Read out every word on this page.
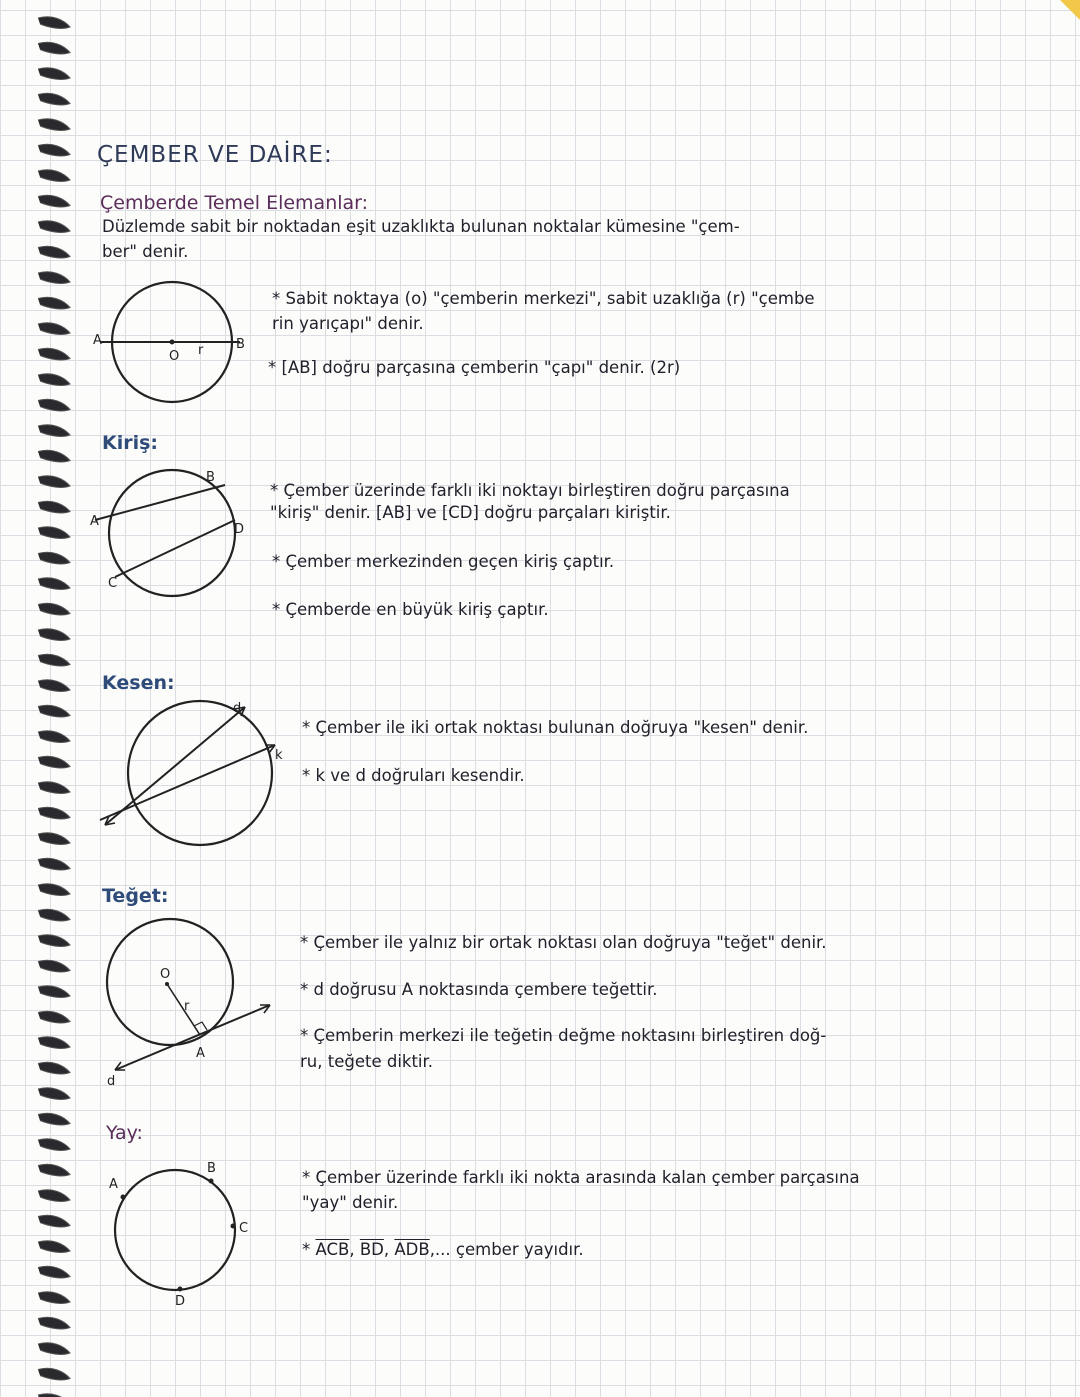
ÇEMBER VE DAİRE:
Çemberde Temel Elemanlar:
Düzlemde sabit bir noktadan eşit uzaklıkta bulunan noktalar kümesine "çem-
ber" denir.
A	B
O r
* Sabit noktaya (o) "çemberin merkezi", sabit uzaklığa (r) "çembe
rin yarıçapı" denir.
* [AB] doğru parçasına çemberin "çapı" denir. (2r)
Kiriş:
A
B
C
D
* Çember üzerinde farklı iki noktayı birleştiren doğru parçasına
"kiriş" denir. [AB] ve [CD] doğru parçaları kiriştir.
* Çember merkezinden geçen kiriş çaptır.
* Çemberde en büyük kiriş çaptır.
Kesen:
d
k
* Çember ile iki ortak noktası bulunan doğruya "kesen" denir.
* k ve d doğruları kesendir.
Teğet:
O
r
A
d
* Çember ile yalnız bir ortak noktası olan doğruya "teğet" denir.
* d doğrusu A noktasında çembere teğettir.
* Çemberin merkezi ile teğetin değme noktasını birleştiren doğ-
ru, teğete diktir.
Yay:
A
B
C
D
* Çember üzerinde farklı iki nokta arasında kalan çember parçasına
"yay" denir.
* $\overline{ACB}$, $\overline{BD}$, $\overline{ADB}$,... çember yayıdır.
